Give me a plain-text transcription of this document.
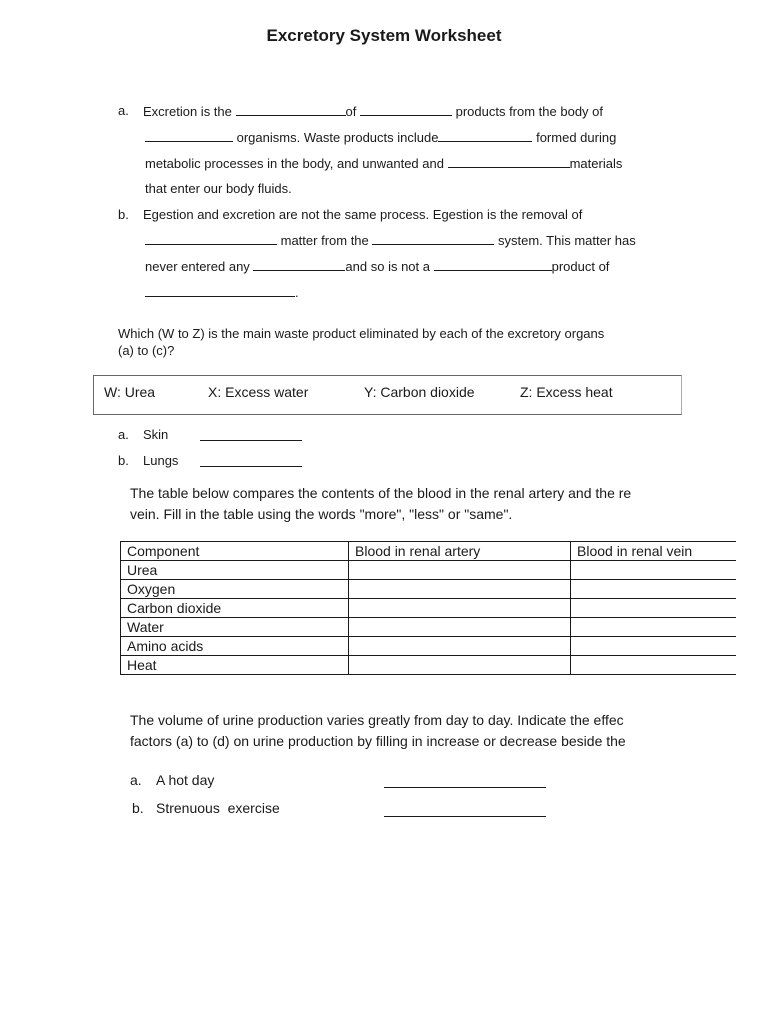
Excretory System Worksheet
a. Excretion is the	of	products from the body of
organisms. Waste products include	formed during
metabolic processes in the body, and unwanted and	materials
that enter our body fluids.
b. Egestion and excretion are not the same process. Egestion is the removal of
matter from the	system. This matter has
never entered any	and so is not a	product of
.
Which (W to Z) is the main waste product eliminated by each of the excretory organs
(a) to (c)?
W: Urea	X: Excess water	Y: Carbon dioxide	Z: Excess heat
a. Skin
b. Lungs
The table below compares the contents of the blood in the renal artery and the re
vein. Fill in the table using the words "more", "less" or "same".
Component	Blood in renal artery	Blood in renal vein
Urea		
Oxygen		
Carbon dioxide		
Water		
Amino acids		
Heat		
The volume of urine production varies greatly from day to day. Indicate the effec
factors (a) to (d) on urine production by filling in increase or decrease beside the
a. A hot day
b. Strenuous  exercise
